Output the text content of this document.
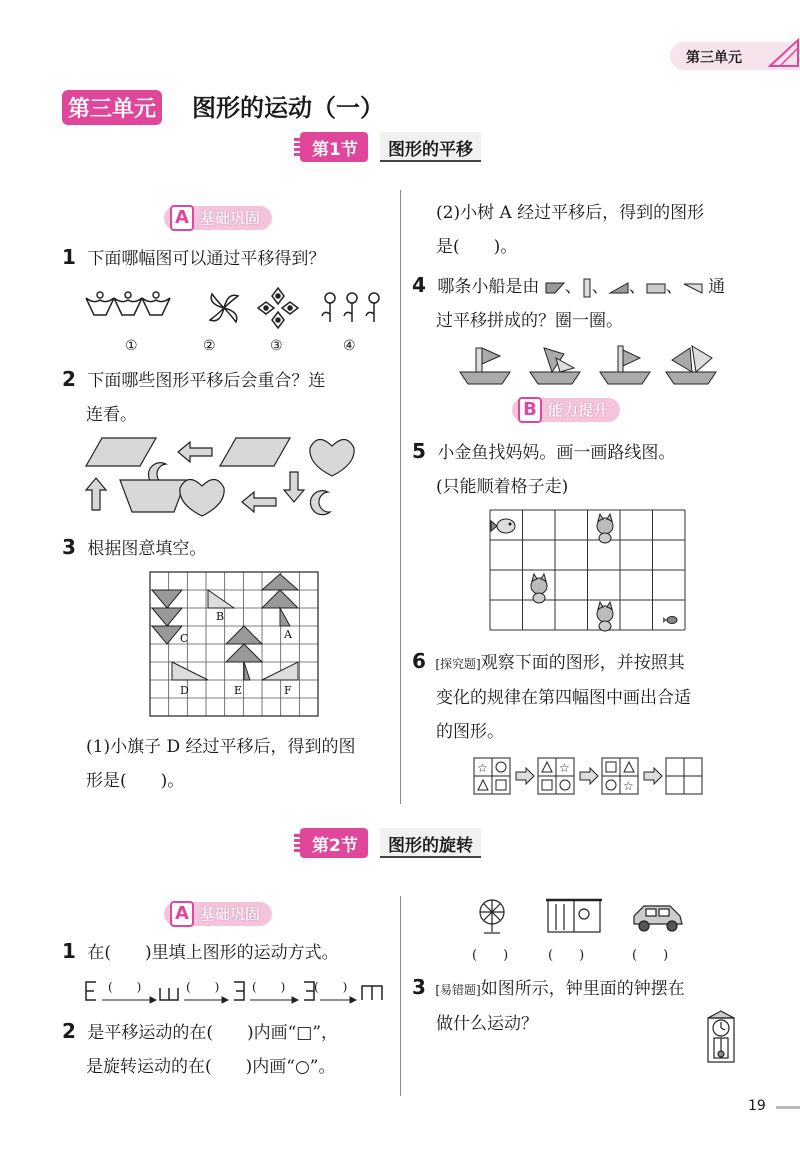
第三单元
第三单元 图形的运动（一）
第1节	图形的平移
A 基础巩固
1 下面哪幅图可以通过平移得到？
①	②	③	④
2 下面哪些图形平移后会重合？连
连看。
3 根据图意填空。
A
B
C
D	E	F
(1)小旗子 D 经过平移后，得到的图
形是(　　)。
(2)小树 A 经过平移后，得到的图形
是(　　)。
4 哪条小船是由 、 、 、 、 通
过平移拼成的？圈一圈。
B 能力提升
5 小金鱼找妈妈。画一画路线图。
(只能顺着格子走)
6 [探究题]观察下面的图形，并按照其
变化的规律在第四幅图中画出合适
的图形。
☆	☆
☆
第2节	图形的旋转
A 基础巩固
1 在(　　)里填上图形的运动方式。
(　　)	(　　)	(　　) (　　)
2 是平移运动的在(　　)内画“□”，
是旋转运动的在(　　)内画“○”。
(　　)	(　　)	(　　)
3 [易错题]如图所示，钟里面的钟摆在
做什么运动？
19
